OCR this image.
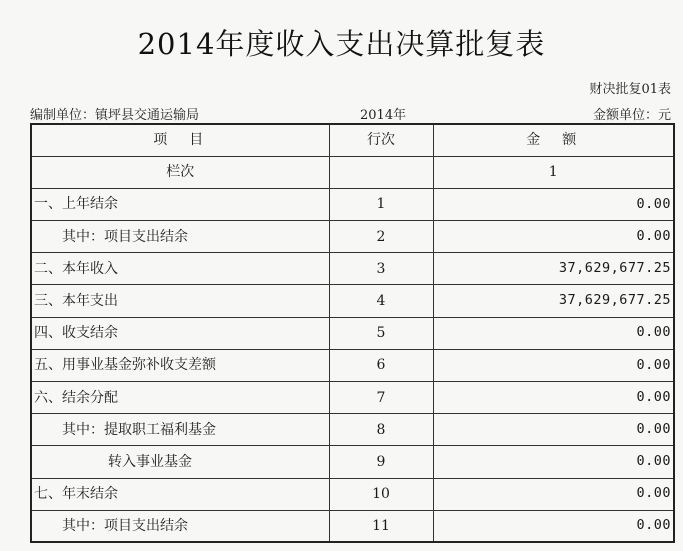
2014年度收入支出决算批复表
财决批复01表
编制单位：镇坪县交通运输局	2014年	金额单位：元
项　目	行次	金　额
栏次		1
一、上年结余	1	0.00
其中：项目支出结余	2	0.00
二、本年收入	3	37,629,677.25
三、本年支出	4	37,629,677.25
四、收支结余	5	0.00
五、用事业基金弥补收支差额	6	0.00
六、结余分配	7	0.00
其中：提取职工福利基金	8	0.00
转入事业基金	9	0.00
七、年末结余	10	0.00
其中：项目支出结余	11	0.00
